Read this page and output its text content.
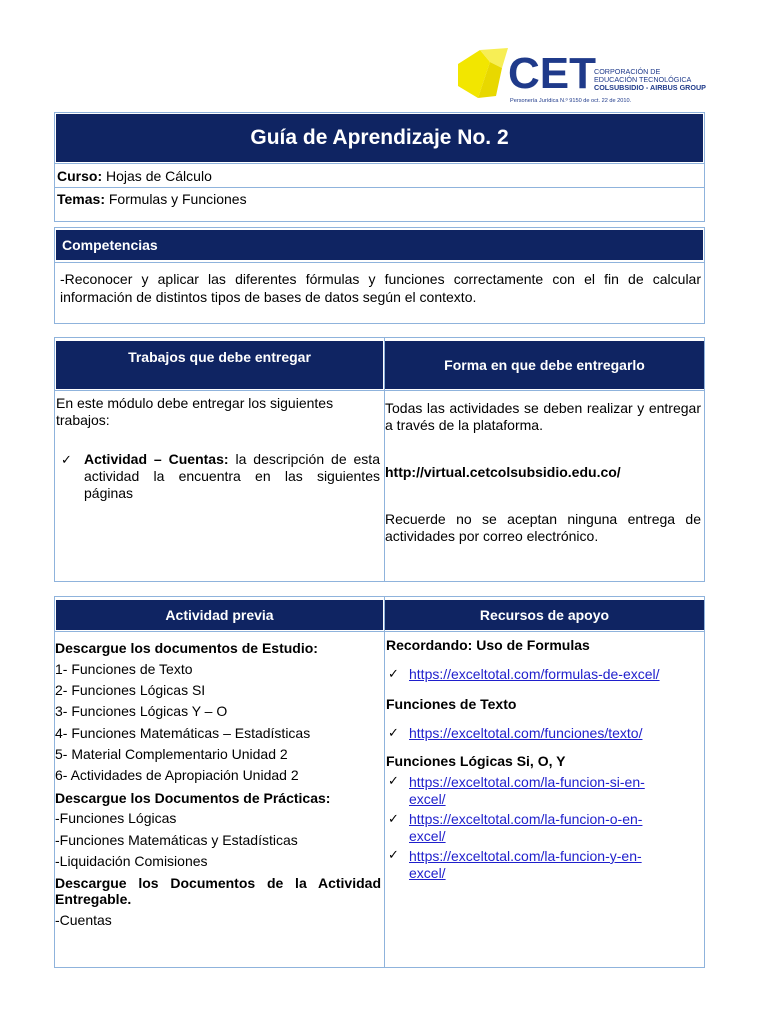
CET
CORPORACIÓN DE
EDUCACIÓN TECNOLÓGICA
COLSUBSIDIO - AIRBUS GROUP
Personería Jurídica N.º 9150 de oct. 22 de 2010.
Guía de Aprendizaje No. 2
Curso: Hojas de Cálculo
Temas: Formulas y Funciones
Competencias
-Reconocer y aplicar las diferentes fórmulas y funciones correctamente con el fin de calcular información de distintos tipos de bases de datos según el contexto.
Trabajos que debe entregar	Forma en que debe entregarlo
En este módulo debe entregar los siguientes trabajos:
✓ Actividad – Cuentas: la descripción de esta actividad la encuentra en las siguientes páginas
Todas las actividades se deben realizar y entregar a través de la plataforma.
http://virtual.cetcolsubsidio.edu.co/
Recuerde no se aceptan ninguna entrega de actividades por correo electrónico.
Actividad previa	Recursos de apoyo
Descargue los documentos de Estudio:
1- Funciones de Texto
2- Funciones Lógicas SI
3- Funciones Lógicas Y – O
4- Funciones Matemáticas – Estadísticas
5- Material Complementario Unidad 2
6- Actividades de Apropiación Unidad 2
Descargue los Documentos de Prácticas:
-Funciones Lógicas
-Funciones Matemáticas y Estadísticas
-Liquidación Comisiones
Descargue los Documentos de la Actividad Entregable.
-Cuentas
Recordando: Uso de Formulas
✓ https://exceltotal.com/formulas-de-excel/
Funciones de Texto
✓ https://exceltotal.com/funciones/texto/
Funciones Lógicas Si, O, Y
✓ https://exceltotal.com/la-funcion-si-en-excel/
✓ https://exceltotal.com/la-funcion-o-en-excel/
✓ https://exceltotal.com/la-funcion-y-en-excel/
